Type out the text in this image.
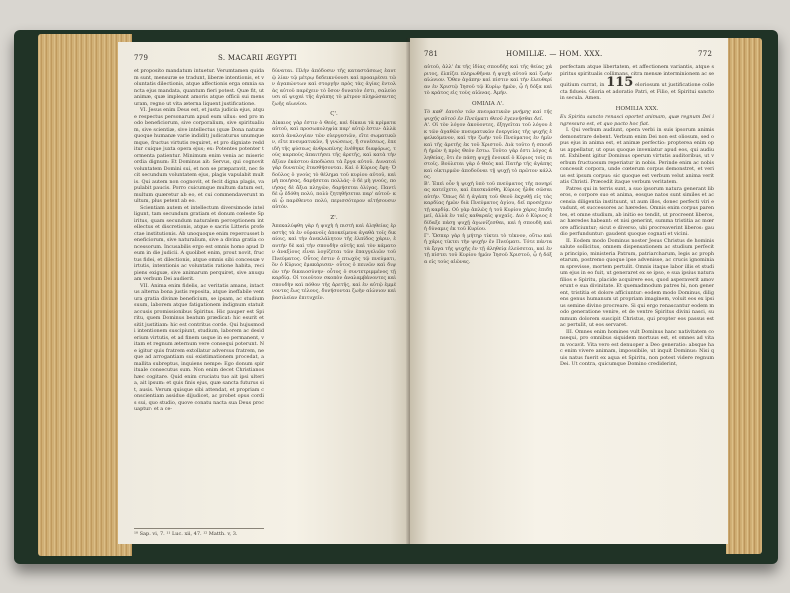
779	S. MACARII ÆGYPTI

et proposito mandatum intuetur. Verumtamen quidam sunt, mensuræ se tradunt, liberæ intentionis, et voluntatis dilectionis, atque affectionis erga omnia sancta ejus mandata, quantum fieri potest. Quæ fit, ut animæ, quæ impleant amoris atque officii sui mensuram, regno ut vita æterna liquent justificatione.

VI. Jesus enim Deus est, et justa judicia ejus, atque respectus personarum apud eum ullus: sed pro modo beneficiorum, sive corporalium, sive spiritualium, sive scientiæ, sive intellectus (quæ Dona naturæ quoque humanæ varie indidit) judicaturus unumquemque, fructus virtutis requiret, et pro digniate redditur cuique juxta opera ejus; ex: Potentes potenter tormenta patientur. Minimum enim venia ac misericordia dignum: Et Dominus ait: Servus, qui cognovit voluntatem Domini sui, et non se præparavit, nec fecit secundum voluntatem ejus, plagis vapulabit multis. Qui autem non cognovit, et fecit digna plagis, vapulabit paucis. Porro cuicumque multum datum est, multum quæretur ab eo, et cui commendaverunt multum, plus petent ab eo.

Scientiam autem et intellectum diversimode intelligunt, tam secundum gratiam et donum cœleste Spiritus, quam secundum naturalem perceptionem intellectus et discretionis, atque e sacris Litteris profectae institutionis. Ab unoquoque enim repercusset beneficiorum, sive naturalium, sive a divina gratia concessorum. Incusabilis ergo est omnis homo apud Deum in die judicii. A quolibet enim, prout novit, fructus fidei, et dilectionis, atque omnis sibi concessæ virtutis, intentionis ac voluntatis ratione habita, recipiens exiguæ, sive animarum perquiret, sive anuquam verbum Dei audierit.

VII. Anima enim fidelis, ac veritatis amans, intactus alterna bona justis reposita, atque ineffabile ventura gratia divinæ beneficium, se ipsam, ac studium suum, laborem atque fatigationem indignum statuit accusis promissionibus Spiritus. Hic pauper est Spiritu, quem Dominus beatum prædicat: hic esurit et sitit justitiam: hic est contritus corde. Qui hujusmodi intentionem suscipiunt, studium, laborem ac desiderium virtutis, et ad finem usque in eo permanent, vitam et regnum æternum vere consequi poterunt. Ne igitur quis fratrem extollatur adversus fratrem, neque ad arrogantiam sui existimationem procedat, a mallita subreptus, inquiens nempe: Ego donum spirituale consecutus sum. Non enim decet Christianos hæc cogitare. Quid enim cruciatu tuo ait ipsi ulteria, ait ipsum: et quis finis ejus, quæ sancta futurus sit, ausis. Verum quisque sibi attendat, et propriam conscientiam assidue dijudicet, ac probet opus cordis sui, quo studio, quove conatu nacta sua Deus procuaptur: et a ce-

δύναται. Πλὴν ἀπόδοσιν τῆς καταστάσεως ἑαυτῷ λίαν τῷ μέτρῳ δεδεικνύουσι καὶ προαιρέσει τῶν ἀγαπώντων καὶ στοργὴν πρὸς τὰς ἁγίας ἐντολὰς αὐτοῦ παρέχειν τὸ ὅσον δυνατὸν ἐστι, σαλεύουσι αἱ ψυχαὶ τῆς ἀγάπης τὸ μέτρον πληρώσαντες ζωῆς αἰωνίου.

Ϛ'.

Δίκαιος γὰρ ἐστιν ὁ Θεός, καὶ δίκαια τὰ κρίματα αὐτοῦ, καὶ προσωποληψία παρ' αὐτῷ ἐστιν· ἀλλὰ κατὰ ἀναλογίαν τῶν εὐεργεσιῶν, εἴτε σωματικῶν, εἴτε πνευματικῶν, ἢ γνώσεως, ἢ συνέσεως, ἐπειδὴ τῆς φύσεως ἀνθρωπίνης ἐνέθηκε διαφόρως, τοὺς καρποὺς ἀπαιτήσει τῆς ἀρετῆς, καὶ κατὰ τὴν ἀξίαν ἑκάστου ἀποδώσει τὰ ἔργα αὐτοῦ. Δυνατοὶ γὰρ δυνατῶς ἐτασθήσονται. Καὶ ὁ Κύριος ἔφη· Ὁ δοῦλος ὁ γνοὺς τὸ θέλημα τοῦ κυρίου αὐτοῦ, καὶ μὴ ποιήσας, δαρήσεται πολλάς· ὁ δὲ μὴ γνούς, ποιήσας δὲ ἄξια πληγῶν, δαρήσεται ὀλίγας. Παντὶ δὲ ᾧ ἐδόθη πολύ, πολὺ ζητηθήσεται παρ' αὐτοῦ· καὶ ᾧ παρέθεντο πολύ, περισσότερον αἰτήσουσιν αὐτόν.

Ζ'.

Ἀπεκαλύφθη γὰρ ἡ ψυχὴ ἡ πιστὴ καὶ ἀληθείας ἐραστὴς τὰ ἐν οὐρανοῖς ἀποκείμενα ἀγαθὰ τοῖς δικαίοις, καὶ τὴν ἀνεκλάλητον τῆς ἐλπίδος χάριν, ἑαυτὴν δὲ καὶ τὴν σπουδὴν αὐτῆς καὶ τὸν κάματον ἀναξίους εἶναι λογίζεται τῶν ἐπαγγελιῶν τοῦ Πνεύματος. Οὗτος ἐστιν ὁ πτωχὸς τῷ πνεύματι, ὃν ὁ Κύριος ἐμακάρισεν· οὗτος ὁ πεινῶν καὶ διψῶν τὴν δικαιοσύνην· οὗτος ὁ συντετριμμένος τῇ καρδίᾳ. Οἱ τοιοῦτον σκοπὸν ἀναλαμβάνοντες καὶ σπουδὴν καὶ πόθον τῆς ἀρετῆς, καὶ ἐν αὐτῷ ἐμμένοντες ἕως τέλους, δυνήσονται ζωὴν αἰώνιον καὶ βασιλείαν ἐπιτυχεῖν.

¹⁰ Sap. vi, 7. ¹¹ Luc. xii, 47. ¹² Matth. v, 3.
781	HOMILIÆ. — HOM. XXX.	772

αὐτοῦ, ἀλλ' ἐκ τῆς ἰδίας σπουδῆς καὶ τῆς θείας χάριτος, ἐλπίζει πληρωθῆναι ἡ ψυχὴ αὐτοῦ καὶ ζωὴν αἰώνιον. Ὅθεν ἀγάπην καὶ πίστιν καὶ τὴν ἐλευθερίαν ἐν Χριστῷ Ἰησοῦ τῷ Κυρίῳ ἡμῶν, ᾧ ἡ δόξα καὶ τὸ κράτος εἰς τοὺς αἰῶνας. Ἀμήν.

ΟΜΙΛΙΑ Λ'.

Τὸ καθ' ἑαυτὸν τῶν πνευματικῶν μνήμης καὶ τῆς ψυχῆς αὐτοῦ ἐν Πνεύματι Θεοῦ ἐγεννῆσθαι δεῖ.

Α'. Οἱ τὸν λόγον ἀκούοντες, ἐξηγεῖται τοῦ λόγου ἐκ τῶν ἀγαθῶν πνευματικῶν ἐνεργείας τῆς ψυχῆς ἐφελκόμενον, καὶ τὴν ζωὴν τοῦ Πνεύματος ἐν ἡμῖν καὶ τῆς ἀρετῆς ἐκ τοῦ Χριστοῦ. Διὰ τοῦτο ἡ σπουδὴ ἡμῶν ἡ πρὸς Θεὸν ἔστω. Τοῦτο γὰρ ἐστι λόγος ἀληθείας, ὅτι ἐν πάσῃ ψυχῇ ἐνοικεῖ ὁ Κύριος τοῖς πιστοῖς. Βούλεται γὰρ ὁ Θεὸς καὶ Πατὴρ τῆς ἀγάπης καὶ οἰκτιρμῶν ἀποδοῦναι τῇ ψυχῇ τὸ πρῶτον κάλλος.

Β'. Ἐπεὶ οὖν ἡ ψυχὴ ὑπὸ τοῦ πνεύματος τῆς πονηρίας κατεῖχετο, καὶ ἐπεσκιάσθη, Κύριος ἦλθε σῶσαι αὐτήν. Ὅπως δὲ ἡ ἀγάπη τοῦ Θεοῦ ἐκχυθῇ εἰς τὰς καρδίας ἡμῶν διὰ Πνεύματος ἁγίου, δεῖ προσέχειν τῇ καρδίᾳ. Οὐ γὰρ ἁπλῶς ἡ τοῦ Κυρίου χάρις ἐπιδημεῖ, ἀλλὰ ἐν ταῖς καθαραῖς ψυχαῖς. Διὸ ὁ Κύριος ἐδίδαξε πάσῃ ψυχῇ ἀγωνίζεσθαι, καὶ ἡ σπουδὴ καὶ ἡ δύναμις ἐκ τοῦ Κυρίου.

Γ'. Ὥσπερ γὰρ ἡ μήτηρ τίκτει τὸ τέκνον, οὕτω καὶ ἡ χάρις τίκτει τὴν ψυχὴν ἐν Πνεύματι. Τότε πάντα τὰ ἔργα τῆς ψυχῆς ἐν τῇ ἀληθείᾳ ἐλεύσεται, καὶ ἐν τῇ πίστει τοῦ Κυρίου ἡμῶν Ἰησοῦ Χριστοῦ, ᾧ ἡ δόξα εἰς τοὺς αἰῶνας.

perfectam atque libertatem, et affectionem variantis, atque spiritus spiritualis collimans, citra mensæ interminionem ac sequitium currat, in 115 eloriosum ut justificatione collecta fidueis. Gloria et adoratio Patri, et Filio, et Spiritui sancto in secula. Amen.

HOMILIA XXX.

Ex Spiritu sancto renasci oportet animam, quæ regnum Dei ingressura est, et quo pacto hoc fiat.

I. Qui verbum audiunt, opera verbi in suis ipsorum animis demonstrare debent. Verbum enim Dei non est oliosum, sed opus ejus in anima est, et animæ perfectio: propterea enim opus appellatur, ut opus quoque inveniatur apud eos, qui audiunt. Exhibent igitur Dominus operum virtutis auditoribus, ut verbum fructuosum reperiatur in nobis. Perinde enim ac nobis concessit corpora, unde cœterum corpus demonstret, et verius est ipsum corpus: sic quoque est verbum velut anima veritatis Christi. Præcedit itaque verbum veritatem.

Patres qui in terris sunt, a suo ipsorum natura generant liberos, e corpore suo et anima, eosque natos sunt similes et accensia diligentia instituunt, ut aum illos, donec perfecti viri evadunt, et successores ac hæredes. Omnis enim corpus parentes, et omne studium, ab initio eo tendit, ut procreent liberos, ac hæredes habeant: et nisi generint, summa tristitia ac mœrore afficiuntur; sicut e diverso, ubi procreaverint liberos: gaudio perfunduntur: gaudent quoque cognati et vicini.

II. Eodem modo Dominus noster Jesus Christus de hominis salute sollicitus, omnem dispensationem ac studium perfecit a principio, ministeria Patrum, patriarcharum, legis ac prophetarum, postremo quoque ipse advenisse, ac crucis ignominiam sprevisse, mortem pertulit. Omnis itaque labor illis et studium ejus in eo fuit, ut generaret ex se ipso, e sua ipsius natura filios e Spiritu, placide acquirere eos, quod asperaverit amoverunt e sua divinitate. Et quemadmodum patres hi, non generent, tristitia et dolore afficiuntur: eodem modo Dominus, diligens genus humanum ut propriam imaginem, voluit eos ex ipsius semine divino procreare. Si qui ergo renascantur eodem modo generatione venire, et de ventre Spiritus divini nasci, summum dolorem suscipit Christus, qui propter eos passus est ac pertulit, ut eos servaret.

III. Omnes enim homines vult Dominus hanc nativitatem consequi, pro omnibus siquidem mortuus est, et omnes ad vitam vocavit. Vita vero est denuoper a Deo generatio: absque hac enim vivere animam, impossibile, ut inquit Dominus: Nisi quis natus fuerit ex aqua et Spiritu, non potest videre regnum Dei. Ut contra, quicumque Domino crediderint,
